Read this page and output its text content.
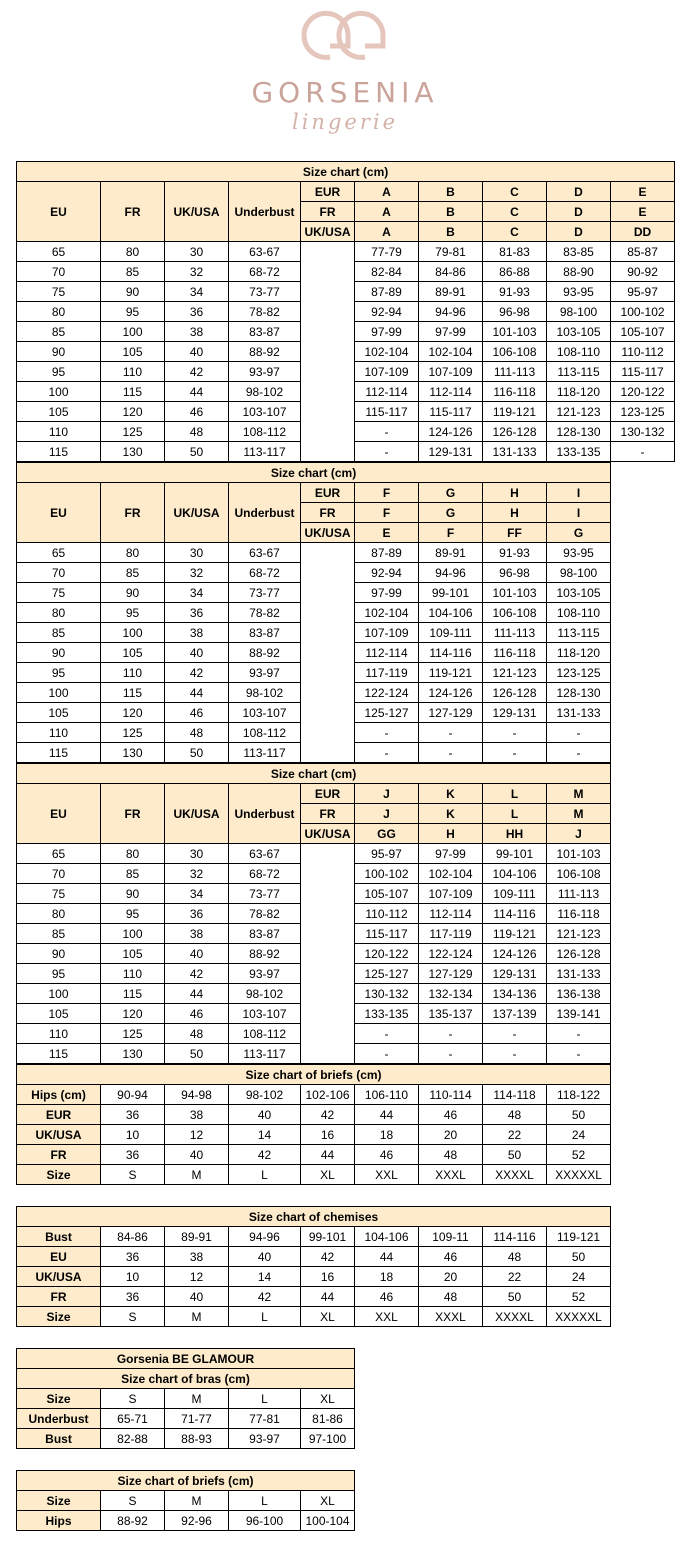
GORSENIA
lingerie
Size chart (cm)									
EU	FR	UK/USA	Underbust	EUR	A	B	C	D	E
				FR	A	B	C	D	E
				UK/USA	A	B	C	D	DD
65	80	30	63-67		77-79	79-81	81-83	83-85	85-87
70	85	32	68-72		82-84	84-86	86-88	88-90	90-92
75	90	34	73-77		87-89	89-91	91-93	93-95	95-97
80	95	36	78-82		92-94	94-96	96-98	98-100	100-102
85	100	38	83-87		97-99	97-99	101-103	103-105	105-107
90	105	40	88-92		102-104	102-104	106-108	108-110	110-112
95	110	42	93-97		107-109	107-109	111-113	113-115	115-117
100	115	44	98-102		112-114	112-114	116-118	118-120	120-122
105	120	46	103-107		115-117	115-117	119-121	121-123	123-125
110	125	48	108-112		-	124-126	126-128	128-130	130-132
115	130	50	113-117		-	129-131	131-133	133-135	-
Size chart (cm)								
EU	FR	UK/USA	Underbust	EUR	F	G	H	I
				FR	F	G	H	I
				UK/USA	E	F	FF	G
65	80	30	63-67		87-89	89-91	91-93	93-95
70	85	32	68-72		92-94	94-96	96-98	98-100
75	90	34	73-77		97-99	99-101	101-103	103-105
80	95	36	78-82		102-104	104-106	106-108	108-110
85	100	38	83-87		107-109	109-111	111-113	113-115
90	105	40	88-92		112-114	114-116	116-118	118-120
95	110	42	93-97		117-119	119-121	121-123	123-125
100	115	44	98-102		122-124	124-126	126-128	128-130
105	120	46	103-107		125-127	127-129	129-131	131-133
110	125	48	108-112		-	-	-	-
115	130	50	113-117		-	-	-	-
Size chart (cm)								
EU	FR	UK/USA	Underbust	EUR	J	K	L	M
				FR	J	K	L	M
				UK/USA	GG	H	HH	J
65	80	30	63-67		95-97	97-99	99-101	101-103
70	85	32	68-72		100-102	102-104	104-106	106-108
75	90	34	73-77		105-107	107-109	109-111	111-113
80	95	36	78-82		110-112	112-114	114-116	116-118
85	100	38	83-87		115-117	117-119	119-121	121-123
90	105	40	88-92		120-122	122-124	124-126	126-128
95	110	42	93-97		125-127	127-129	129-131	131-133
100	115	44	98-102		130-132	132-134	134-136	136-138
105	120	46	103-107		133-135	135-137	137-139	139-141
110	125	48	108-112		-	-	-	-
115	130	50	113-117		-	-	-	-
Size chart of briefs (cm)								
Hips (cm)	90-94	94-98	98-102	102-106	106-110	110-114	114-118	118-122
EUR	36	38	40	42	44	46	48	50
UK/USA	10	12	14	16	18	20	22	24
FR	36	40	42	44	46	48	50	52
Size	S	M	L	XL	XXL	XXXL	XXXXL	XXXXXL
Size chart of chemises								
Bust	84-86	89-91	94-96	99-101	104-106	109-11	114-116	119-121
EU	36	38	40	42	44	46	48	50
UK/USA	10	12	14	16	18	20	22	24
FR	36	40	42	44	46	48	50	52
Size	S	M	L	XL	XXL	XXXL	XXXXL	XXXXXL
Gorsenia BE GLAMOUR				
Size chart of bras (cm)				
Size	S	M	L	XL
Underbust	65-71	71-77	77-81	81-86
Bust	82-88	88-93	93-97	97-100
Size chart of briefs (cm)				
Size	S	M	L	XL
Hips	88-92	92-96	96-100	100-104
